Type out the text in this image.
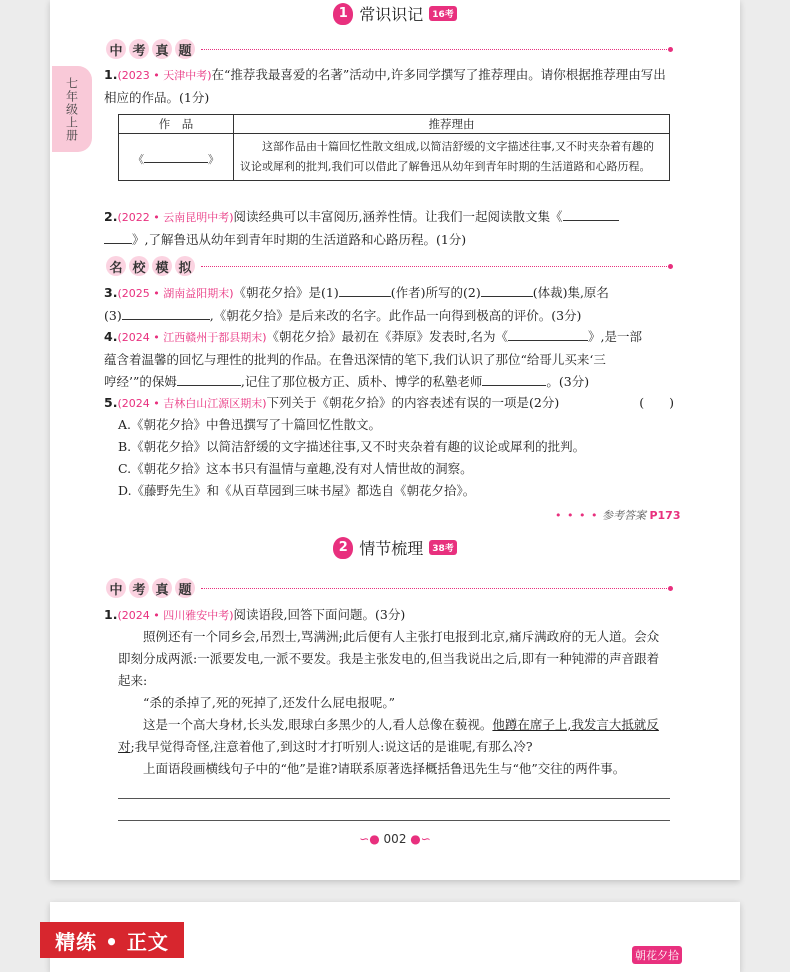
七年级上册
1 常识识记	16考
中 考 真 题
1.(2023 • 天津中考)在“推荐我最喜爱的名著”活动中,许多同学撰写了推荐理由。请你根据推荐理由写出相应的作品。(1分)
作　品	推荐理由
《 》	这部作品由十篇回忆性散文组成,以简洁舒缓的文字描述往事,又不时夹杂着有趣的议论或犀利的批判,我们可以借此了解鲁迅从幼年到青年时期的生活道路和心路历程。
2.(2022 • 云南昆明中考)阅读经典可以丰富阅历,涵养性情。让我们一起阅读散文集《
》,了解鲁迅从幼年到青年时期的生活道路和心路历程。(1分)
名 校 模 拟
3.(2025 • 湖南益阳期末)《朝花夕拾》是(1)	(作者)所写的(2)	(体裁)集,原名
(3)	,《朝花夕拾》是后来改的名字。此作品一向得到极高的评价。(3分)
4.(2024 • 江西赣州于都县期末)《朝花夕拾》最初在《莽原》发表时,名为《	》,是一部
蕴含着温馨的回忆与理性的批判的作品。在鲁迅深情的笔下,我们认识了那位“给哥儿买来‘三
哼经’”的保姆	,记住了那位极方正、质朴、博学的私塾老师	。(3分)
5.(2024 • 吉林白山江源区期末)下列关于《朝花夕拾》的内容表述有误的一项是(2分)	(　　)
A.《朝花夕拾》中鲁迅撰写了十篇回忆性散文。
B.《朝花夕拾》以简洁舒缓的文字描述往事,又不时夹杂着有趣的议论或犀利的批判。
C.《朝花夕拾》这本书只有温情与童趣,没有对人情世故的洞察。
D.《藤野先生》和《从百草园到三味书屋》都选自《朝花夕拾》。
• • • • 参考答案 P173
2 情节梳理	38考
中 考 真 题
1.(2024 • 四川雅安中考)阅读语段,回答下面问题。(3分)
照例还有一个同乡会,吊烈士,骂满洲;此后便有人主张打电报到北京,痛斥满政府的无人道。会众即刻分成两派:一派要发电,一派不要发。我是主张发电的,但当我说出之后,即有一种钝滞的声音跟着起来:
“杀的杀掉了,死的死掉了,还发什么屁电报呢。”
这是一个高大身材,长头发,眼球白多黑少的人,看人总像在藐视。他蹲在席子上,我发言大抵就反对;我早觉得奇怪,注意着他了,到这时才打听别人:说这话的是谁呢,有那么冷?
上面语段画横线句子中的“他”是谁?请联系原著选择概括鲁迅先生与“他”交往的两件事。
∽● 002 ●∽
精练 • 正文
朝花夕拾
